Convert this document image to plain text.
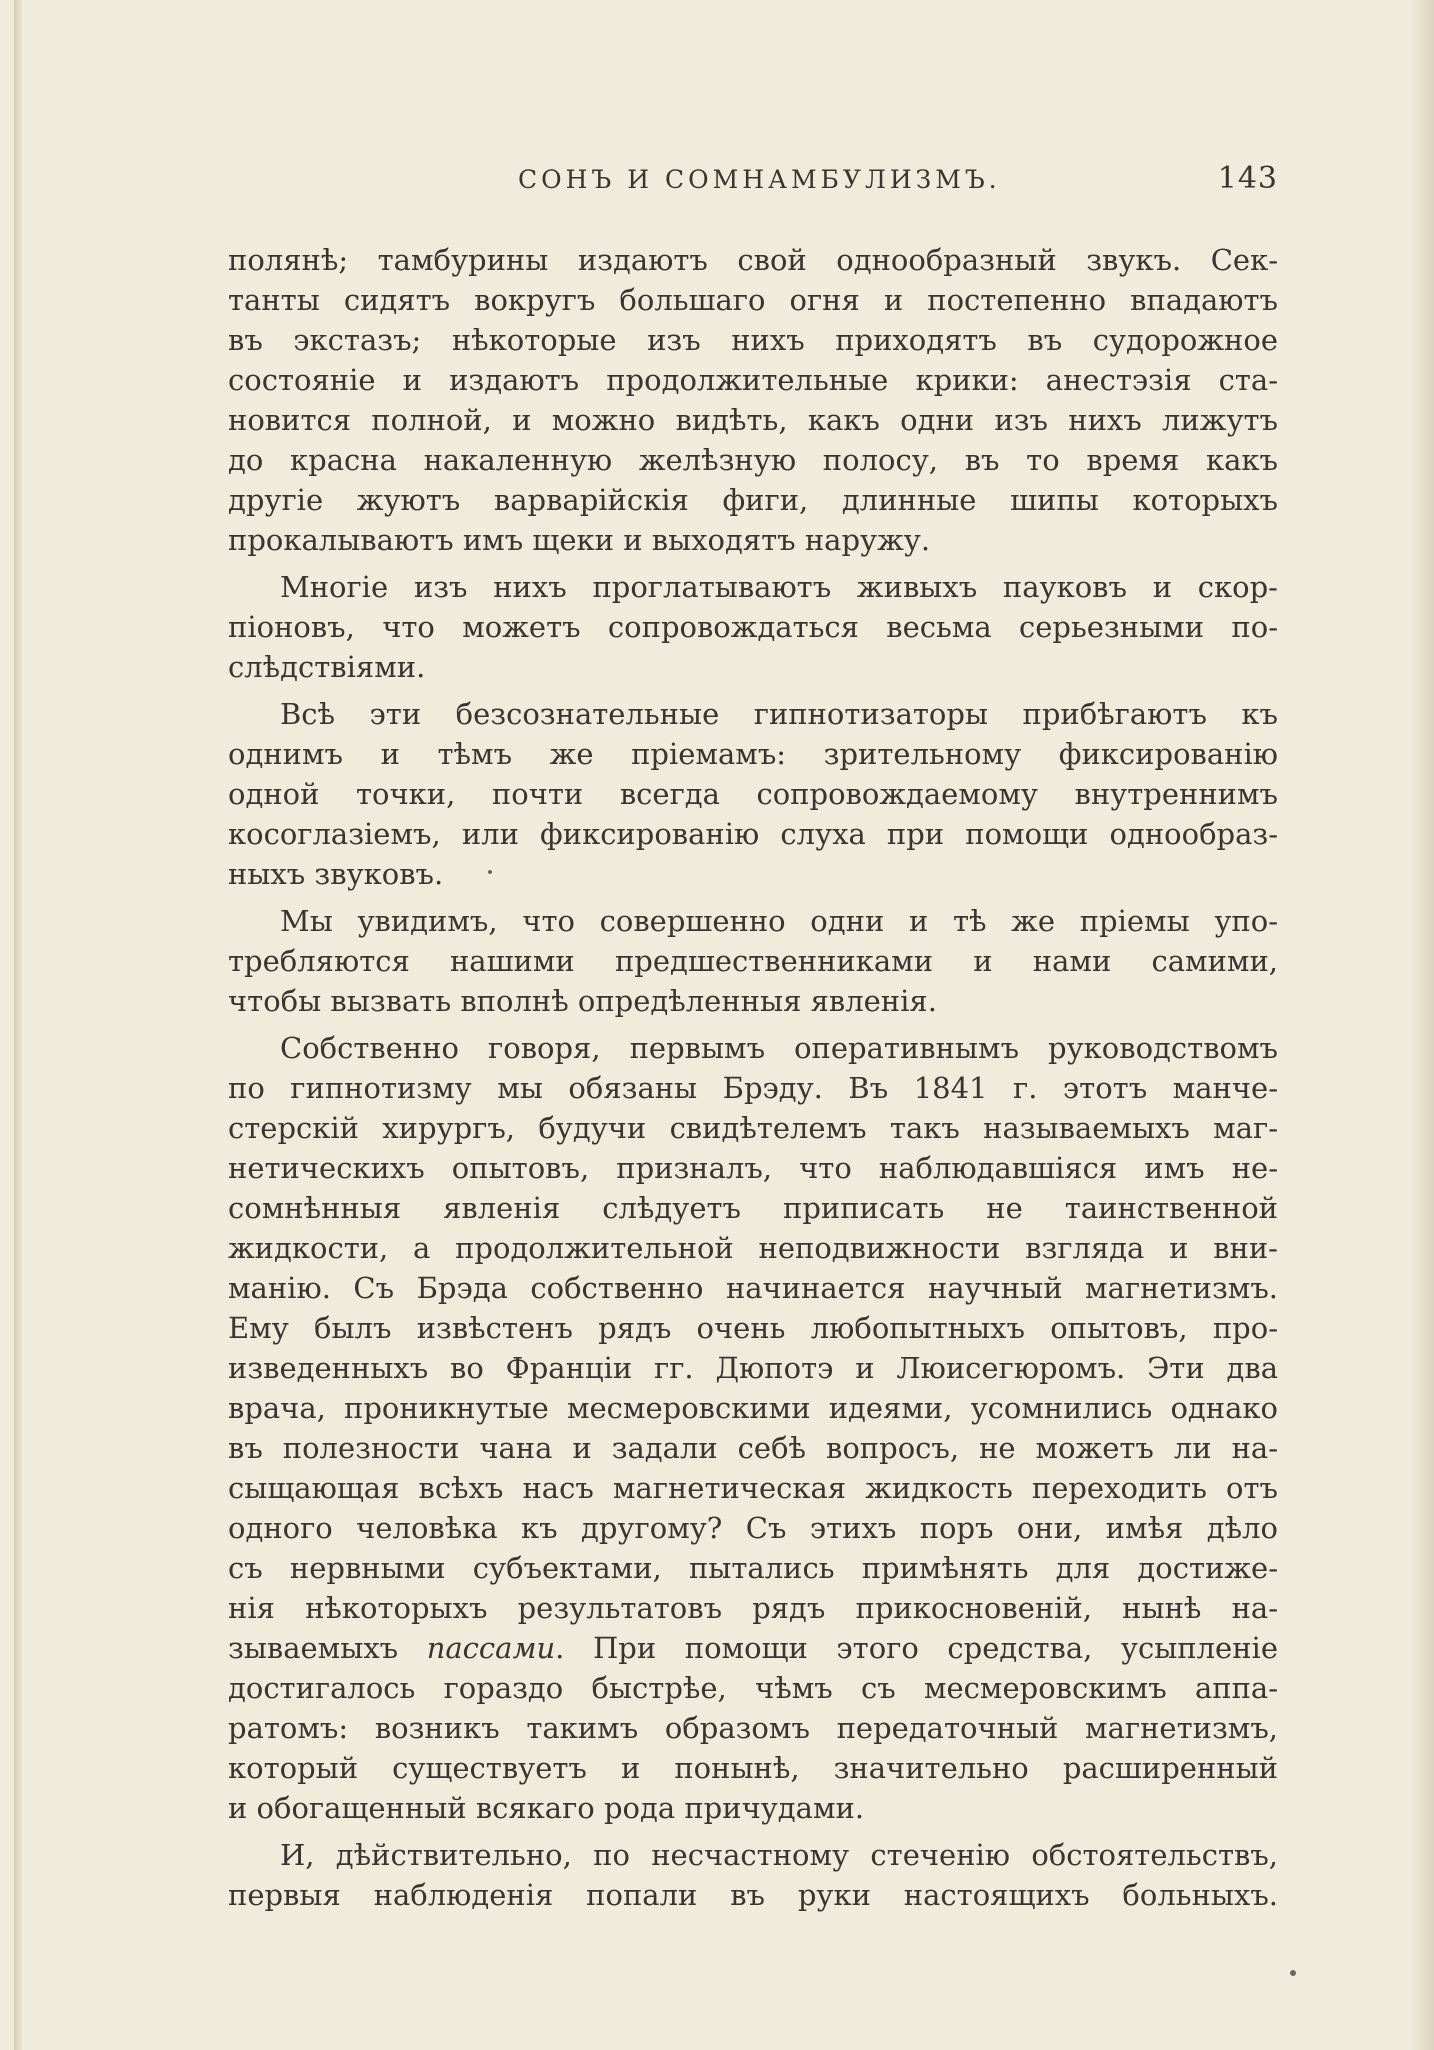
СОНЪ И СОМНАМБУЛИЗМЪ.	143
полянѣ; тамбурины издаютъ свой однообразный звукъ. Сек-
танты сидятъ вокругъ большаго огня и постепенно впадаютъ
въ экстазъ; нѣкоторые изъ нихъ приходятъ въ судорожное
состояніе и издаютъ продолжительные крики: анестэзія ста-
новится полной, и можно видѣть, какъ одни изъ нихъ лижутъ
до красна накаленную желѣзную полосу, въ то время какъ
другіе жуютъ варварійскія фиги, длинные шипы которыхъ
прокалываютъ имъ щеки и выходятъ наружу.
Многіе изъ нихъ проглатываютъ живыхъ пауковъ и скор-
піоновъ, что можетъ сопровождаться весьма серьезными по-
слѣдствіями.
Всѣ эти безсознательные гипнотизаторы прибѣгаютъ къ
однимъ и тѣмъ же пріемамъ: зрительному фиксированію
одной точки, почти всегда сопровождаемому внутреннимъ
косоглазіемъ, или фиксированію слуха при помощи однообраз-
ныхъ звуковъ.
Мы увидимъ, что совершенно одни и тѣ же пріемы упо-
требляются нашими предшественниками и нами самими,
чтобы вызвать вполнѣ опредѣленныя явленія.
Собственно говоря, первымъ оперативнымъ руководствомъ
по гипнотизму мы обязаны Брэду. Въ 1841 г. этотъ манче-
стерскій хирургъ, будучи свидѣтелемъ такъ называемыхъ маг-
нетическихъ опытовъ, призналъ, что наблюдавшіяся имъ не-
сомнѣнныя явленія слѣдуетъ приписать не таинственной
жидкости, а продолжительной неподвижности взгляда и вни-
манію. Съ Брэда собственно начинается научный магнетизмъ.
Ему былъ извѣстенъ рядъ очень любопытныхъ опытовъ, про-
изведенныхъ во Франціи гг. Дюпотэ и Люисегюромъ. Эти два
врача, проникнутые месмеровскими идеями, усомнились однако
въ полезности чана и задали себѣ вопросъ, не можетъ ли на-
сыщающая всѣхъ насъ магнетическая жидкость переходить отъ
одного человѣка къ другому? Съ этихъ поръ они, имѣя дѣло
съ нервными субъектами, пытались примѣнять для достиже-
нія нѣкоторыхъ результатовъ рядъ прикосновеній, нынѣ на-
зываемыхъ пассами. При помощи этого средства, усыпленіе
достигалось гораздо быстрѣе, чѣмъ съ месмеровскимъ аппа-
ратомъ: возникъ такимъ образомъ передаточный магнетизмъ,
который существуетъ и понынѣ, значительно расширенный
и обогащенный всякаго рода причудами.
И, дѣйствительно, по несчастному стеченію обстоятельствъ,
первыя наблюденія попали въ руки настоящихъ больныхъ.
